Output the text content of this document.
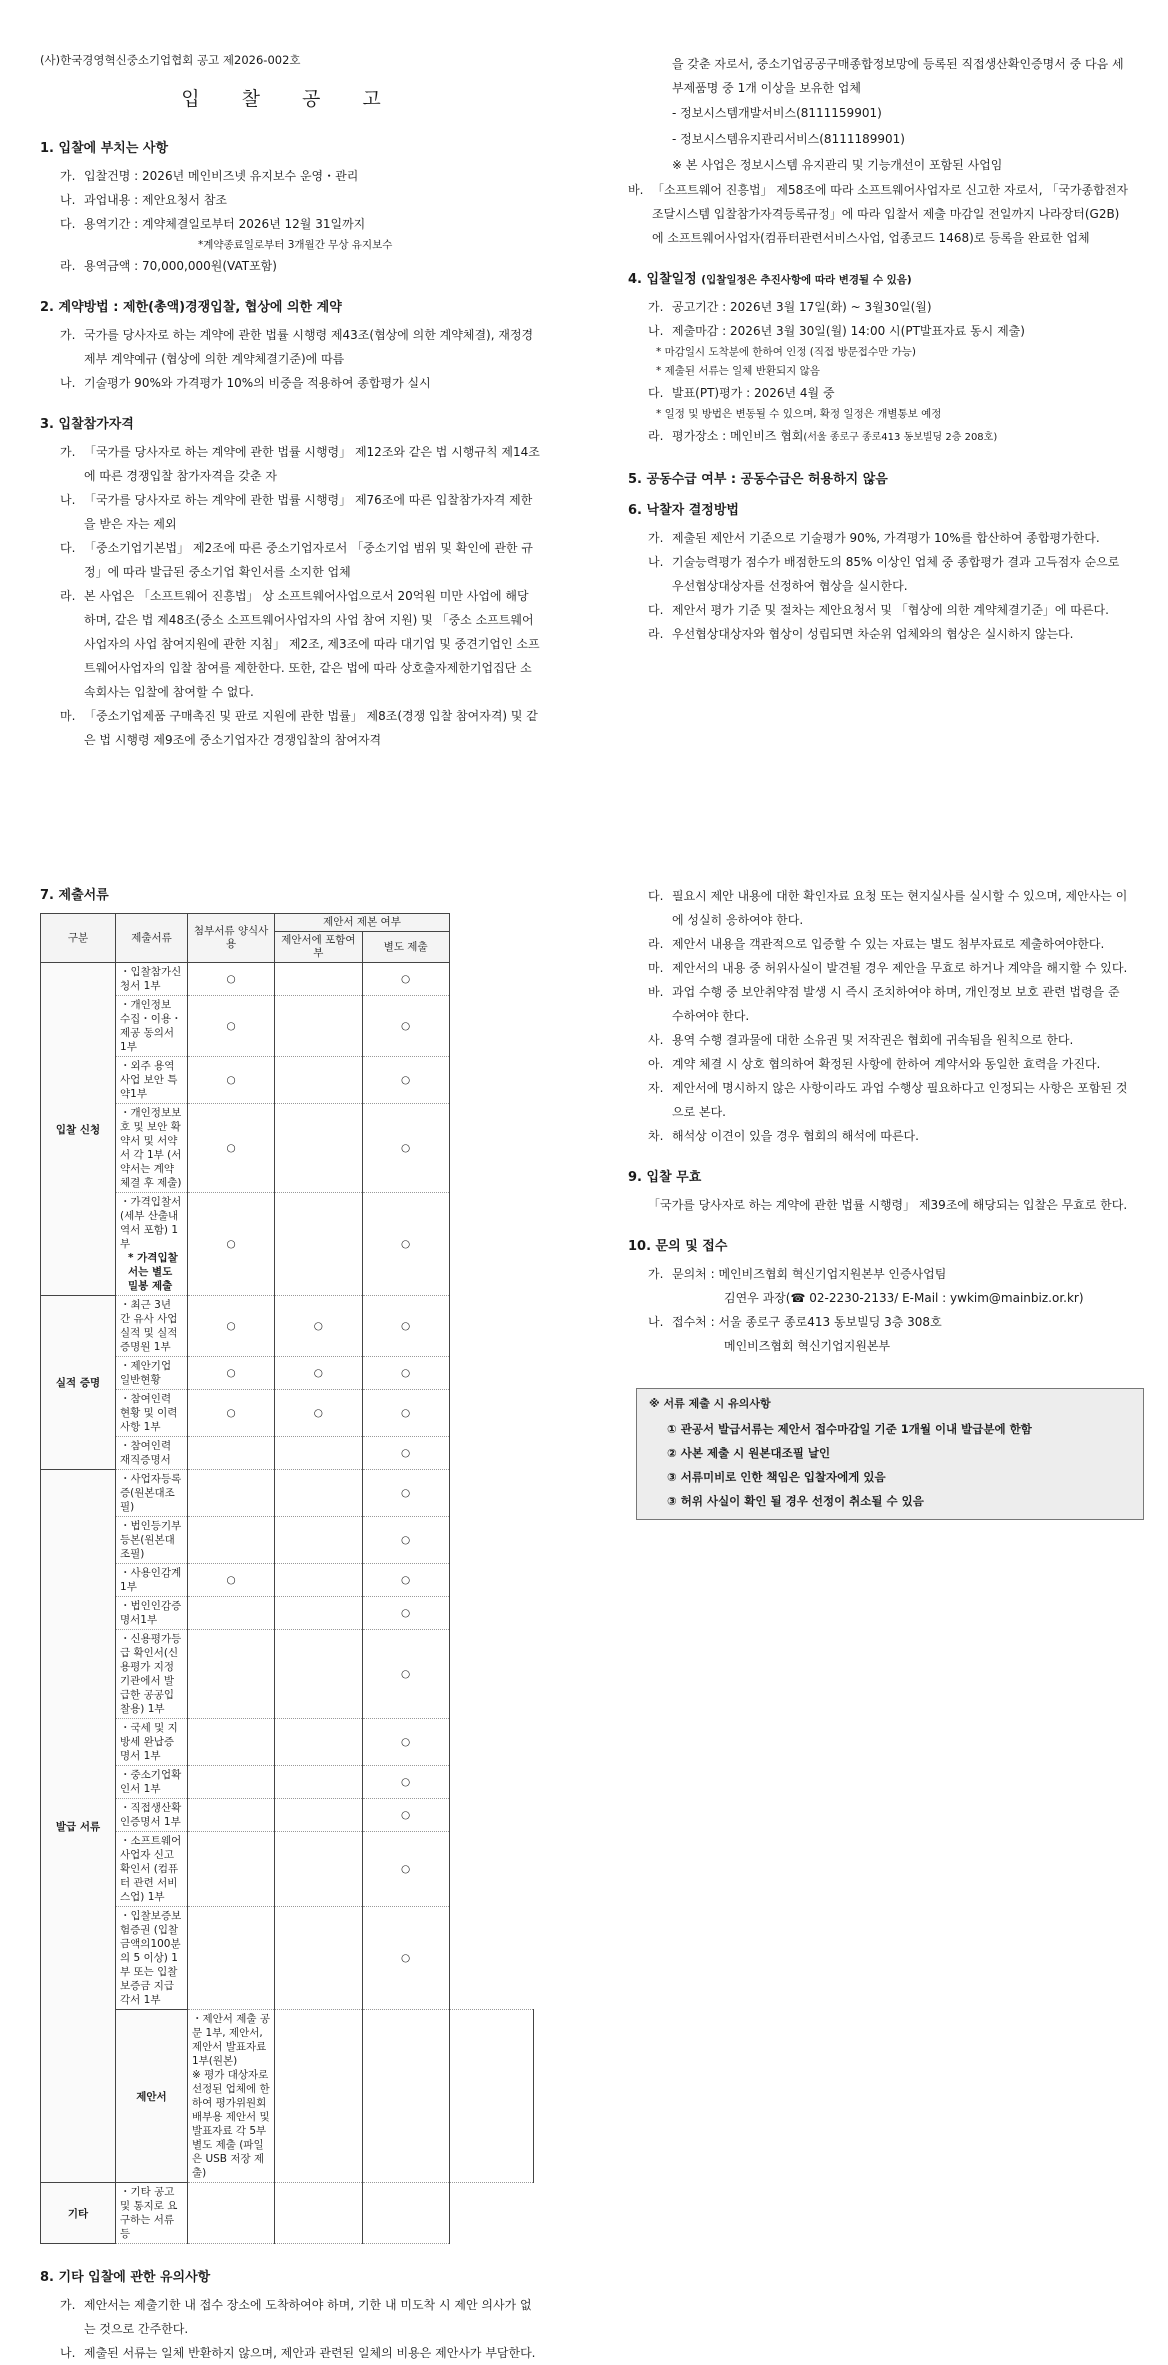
(사)한국경영혁신중소기업협회 공고 제2026-002호
입 찰 공 고
1. 입찰에 부치는 사항
가. 입찰건명 : 2026년 메인비즈넷 유지보수 운영・관리
나. 과업내용 : 제안요청서 참조
다. 용역기간 : 계약체결일로부터 2026년 12월 31일까지
*계약종료일로부터 3개월간 무상 유지보수
라. 용역금액 : 70,000,000원(VAT포함)
2. 계약방법 : 제한(총액)경쟁입찰, 협상에 의한 계약
가. 국가를 당사자로 하는 계약에 관한 법률 시행령 제43조(협상에 의한 계약체결), 재정경제부 계약예규 (협상에 의한 계약체결기준)에 따름
나. 기술평가 90%와 가격평가 10%의 비중을 적용하여 종합평가 실시
3. 입찰참가자격
가. 「국가를 당사자로 하는 계약에 관한 법률 시행령」 제12조와 같은 법 시행규칙 제14조에 따른 경쟁입찰 참가자격을 갖춘 자
나. 「국가를 당사자로 하는 계약에 관한 법률 시행령」 제76조에 따른 입찰참가자격 제한을 받은 자는 제외
다. 「중소기업기본법」 제2조에 따른 중소기업자로서 「중소기업 범위 및 확인에 관한 규정」에 따라 발급된 중소기업 확인서를 소지한 업체
라. 본 사업은 「소프트웨어 진흥법」 상 소프트웨어사업으로서 20억원 미만 사업에 해당하며, 같은 법 제48조(중소 소프트웨어사업자의 사업 참여 지원) 및 「중소 소프트웨어사업자의 사업 참여지원에 관한 지침」 제2조, 제3조에 따라 대기업 및 중견기업인 소프트웨어사업자의 입찰 참여를 제한한다. 또한, 같은 법에 따라 상호출자제한기업집단 소속회사는 입찰에 참여할 수 없다.
마. 「중소기업제품 구매촉진 및 판로 지원에 관한 법률」 제8조(경쟁 입찰 참여자격) 및 같은 법 시행령 제9조에 중소기업자간 경쟁입찰의 참여자격
을 갖춘 자로서, 중소기업공공구매종합정보망에 등록된 직접생산확인증명서 중 다음 세부제품명 중 1개 이상을 보유한 업체
- 정보시스템개발서비스(8111159901)
- 정보시스템유지관리서비스(8111189901)
※ 본 사업은 정보시스템 유지관리 및 기능개선이 포함된 사업임
바. 「소프트웨어 진흥법」 제58조에 따라 소프트웨어사업자로 신고한 자로서, 「국가종합전자조달시스템 입찰참가자격등록규정」에 따라 입찰서 제출 마감일 전일까지 나라장터(G2B)에 소프트웨어사업자(컴퓨터관련서비스사업, 업종코드 1468)로 등록을 완료한 업체
4. 입찰일정 (입찰일정은 추진사항에 따라 변경될 수 있음)
가. 공고기간 : 2026년 3월 17일(화) ~ 3월30일(월)
나. 제출마감 : 2026년 3월 30일(월) 14:00 시(PT발표자료 동시 제출)
* 마감일시 도착분에 한하여 인정 (직접 방문접수만 가능)
* 제출된 서류는 일체 반환되지 않음
다. 발표(PT)평가 : 2026년 4월 중
* 일정 및 방법은 변동될 수 있으며, 확정 일정은 개별통보 예정
라. 평가장소 : 메인비즈 협회(서울 종로구 종로413 동보빌딩 2층 208호)
5. 공동수급 여부 : 공동수급은 허용하지 않음
6. 낙찰자 결정방법
가. 제출된 제안서 기준으로 기술평가 90%, 가격평가 10%를 합산하여 종합평가한다.
나. 기술능력평가 점수가 배점한도의 85% 이상인 업체 중 종합평가 결과 고득점자 순으로 우선협상대상자를 선정하여 협상을 실시한다.
다. 제안서 평가 기준 및 절차는 제안요청서 및 「협상에 의한 계약체결기준」에 따른다.
라. 우선협상대상자와 협상이 성립되면 차순위 업체와의 협상은 실시하지 않는다.
7. 제출서류
구분	제출서류	첨부서류 양식사용	제안서 제본 여부		
			제안서에 포함여부	별도 제출	
입찰 신청	・입찰참가신청서 1부	○		○	
	・개인정보 수집・이용・제공 동의서 1부	○		○	
	・외주 용역사업 보안 특약1부	○		○	
	・개인정보보호 및 보안 확약서 및 서약서 각 1부 (서약서는 계약체결 후 제출)	○		○	
	・가격입찰서(세부 산출내역서 포함) 1부
* 가격입찰서는 별도 밀봉 제출	○		○	
실적 증명	・최근 3년 간 유사 사업 실적 및 실적 증명원 1부	○	○	○	
	・제안기업 일반현황	○	○	○	
	・참여인력 현황 및 이력사항 1부	○	○	○	
	・참여인력 재직증명서			○	
발급 서류	・사업자등록증(원본대조필)			○	
	・법인등기부등본(원본대조필)			○	
	・사용인감계 1부	○		○	
	・법인인감증명서1부			○	
	・신용평가등급 확인서(신용평가 지정기관에서 발급한 공공입찰용) 1부			○	
	・국세 및 지방세 완납증명서 1부			○	
	・중소기업확인서 1부			○	
	・직접생산확인증명서 1부			○	
	・소프트웨어사업자 신고확인서 (컴퓨터 관련 서비스업) 1부			○	
	・입찰보증보험증권 (입찰금액의100분의 5 이상) 1부 또는 입찰보증금 지급각서 1부			○	
	제안서	・제안서 제출 공문 1부, 제안서, 제안서 발표자료 1부(원본)
※ 평가 대상자로 선정된 업체에 한하여 평가위원회 배부용 제안서 및 발표자료 각 5부 별도 제출 (파일은 USB 저장 제출)			

기타	・기타 공고 및 통지로 요구하는 서류 등				
8. 기타 입찰에 관한 유의사항
가. 제안서는 제출기한 내 접수 장소에 도착하여야 하며, 기한 내 미도착 시 제안 의사가 없는 것으로 간주한다.
나. 제출된 서류는 일체 반환하지 않으며, 제안과 관련된 일체의 비용은 제안사가 부담한다.
다. 필요시 제안 내용에 대한 확인자료 요청 또는 현지실사를 실시할 수 있으며, 제안사는 이에 성실히 응하여야 한다.
라. 제안서 내용을 객관적으로 입증할 수 있는 자료는 별도 첨부자료로 제출하여야한다.
마. 제안서의 내용 중 허위사실이 발견될 경우 제안을 무효로 하거나 계약을 해지할 수 있다.
바. 과업 수행 중 보안취약점 발생 시 즉시 조치하여야 하며, 개인정보 보호 관련 법령을 준수하여야 한다.
사. 용역 수행 결과물에 대한 소유권 및 저작권은 협회에 귀속됨을 원칙으로 한다.
아. 계약 체결 시 상호 협의하여 확정된 사항에 한하여 계약서와 동일한 효력을 가진다.
자. 제안서에 명시하지 않은 사항이라도 과업 수행상 필요하다고 인정되는 사항은 포함된 것으로 본다.
차. 해석상 이견이 있을 경우 협회의 해석에 따른다.
9. 입찰 무효
「국가를 당사자로 하는 계약에 관한 법률 시행령」 제39조에 해당되는 입찰은 무효로 한다.
10. 문의 및 접수
가. 문의처 : 메인비즈협회 혁신기업지원본부 인증사업팀
김연우 과장(☎ 02-2230-2133/ E-Mail : ywkim@mainbiz.or.kr)
나. 접수처 : 서울 종로구 종로413 동보빌딩 3층 308호
메인비즈협회 혁신기업지원본부
※ 서류 제출 시 유의사항
① 관공서 발급서류는 제안서 접수마감일 기준 1개월 이내 발급분에 한함
② 사본 제출 시 원본대조필 날인
③ 서류미비로 인한 책임은 입찰자에게 있음
③ 허위 사실이 확인 될 경우 선정이 취소될 수 있음
